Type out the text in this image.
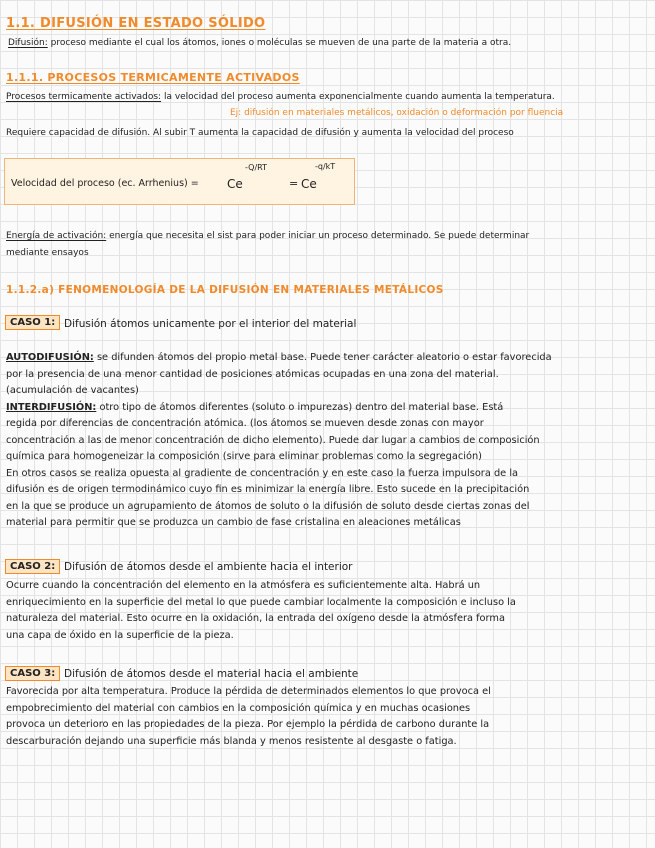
1.1. DIFUSIÓN EN ESTADO SÓLIDO
Difusión: proceso mediante el cual los átomos, iones o moléculas se mueven de una parte de la materia a otra.
1.1.1. PROCESOS TERMICAMENTE ACTIVADOS
Procesos termicamente activados: la velocidad del proceso aumenta exponencialmente cuando aumenta la temperatura.
Ej: difusión en materiales metálicos, oxidación o deformación por fluencia
Requiere capacidad de difusión. Al subir T aumenta la capacidad de difusión y aumenta la velocidad del proceso
Velocidad del proceso (ec. Arrhenius) = Ce
-Q/RT
= Ce
-q/kT
Energía de activación: energía que necesita el sist para poder iniciar un proceso determinado. Se puede determinar
mediante ensayos
1.1.2.a) FENOMENOLOGÍA DE LA DIFUSIÓN EN MATERIALES METÁLICOS
CASO 1: Difusión átomos unicamente por el interior del material
AUTODIFUSIÓN: se difunden átomos del propio metal base. Puede tener carácter aleatorio o estar favorecida
por la presencia de una menor cantidad de posiciones atómicas ocupadas en una zona del material.
(acumulación de vacantes)
INTERDIFUSIÓN: otro tipo de átomos diferentes (soluto o impurezas) dentro del material base. Está
regida por diferencias de concentración atómica. (los átomos se mueven desde zonas con mayor
concentración a las de menor concentración de dicho elemento). Puede dar lugar a cambios de composición
química para homogeneizar la composición (sirve para eliminar problemas como la segregación)
En otros casos se realiza opuesta al gradiente de concentración y en este caso la fuerza impulsora de la
difusión es de origen termodinámico cuyo fin es minimizar la energía libre. Esto sucede en la precipitación
en la que se produce un agrupamiento de átomos de soluto o la difusión de soluto desde ciertas zonas del
material para permitir que se produzca un cambio de fase cristalina en aleaciones metálicas
CASO 2: Difusión de átomos desde el ambiente hacia el interior
Ocurre cuando la concentración del elemento en la atmósfera es suficientemente alta. Habrá un
enriquecimiento en la superficie del metal lo que puede cambiar localmente la composición e incluso la
naturaleza del material. Esto ocurre en la oxidación, la entrada del oxígeno desde la atmósfera forma
una capa de óxido en la superficie de la pieza.
CASO 3: Difusión de átomos desde el material hacia el ambiente
Favorecida por alta temperatura. Produce la pérdida de determinados elementos lo que provoca el
empobrecimiento del material con cambios en la composición química y en muchas ocasiones
provoca un deterioro en las propiedades de la pieza. Por ejemplo la pérdida de carbono durante la
descarburación dejando una superficie más blanda y menos resistente al desgaste o fatiga.
